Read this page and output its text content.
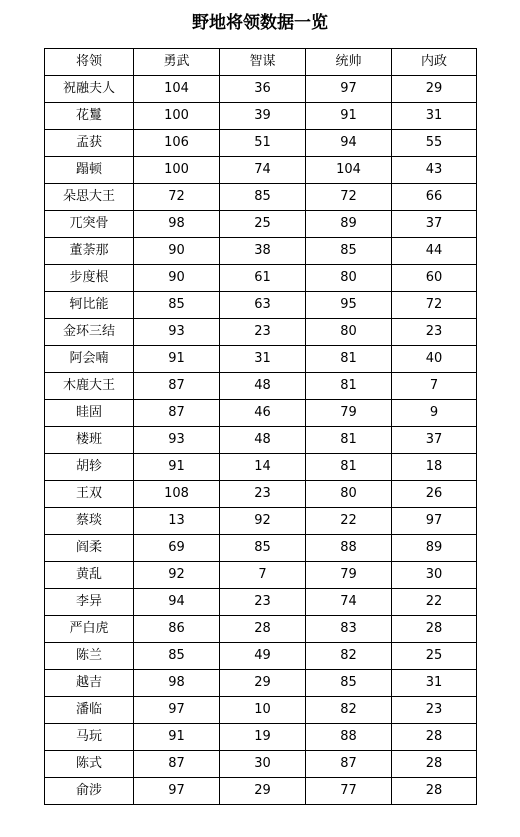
野地将领数据一览
将领	勇武	智谋	统帅	内政
祝融夫人	104	36	97	29
花鬘	100	39	91	31
孟获	106	51	94	55
蹋顿	100	74	104	43
朵思大王	72	85	72	66
兀突骨	98	25	89	37
董荼那	90	38	85	44
步度根	90	61	80	60
轲比能	85	63	95	72
金环三结	93	23	80	23
阿会喃	91	31	81	40
木鹿大王	87	48	81	7
眭固	87	46	79	9
楼班	93	48	81	37
胡轸	91	14	81	18
王双	108	23	80	26
蔡琰	13	92	22	97
阎柔	69	85	88	89
黄乱	92	7	79	30
李异	94	23	74	22
严白虎	86	28	83	28
陈兰	85	49	82	25
越吉	98	29	85	31
潘临	97	10	82	23
马玩	91	19	88	28
陈式	87	30	87	28
俞涉	97	29	77	28
